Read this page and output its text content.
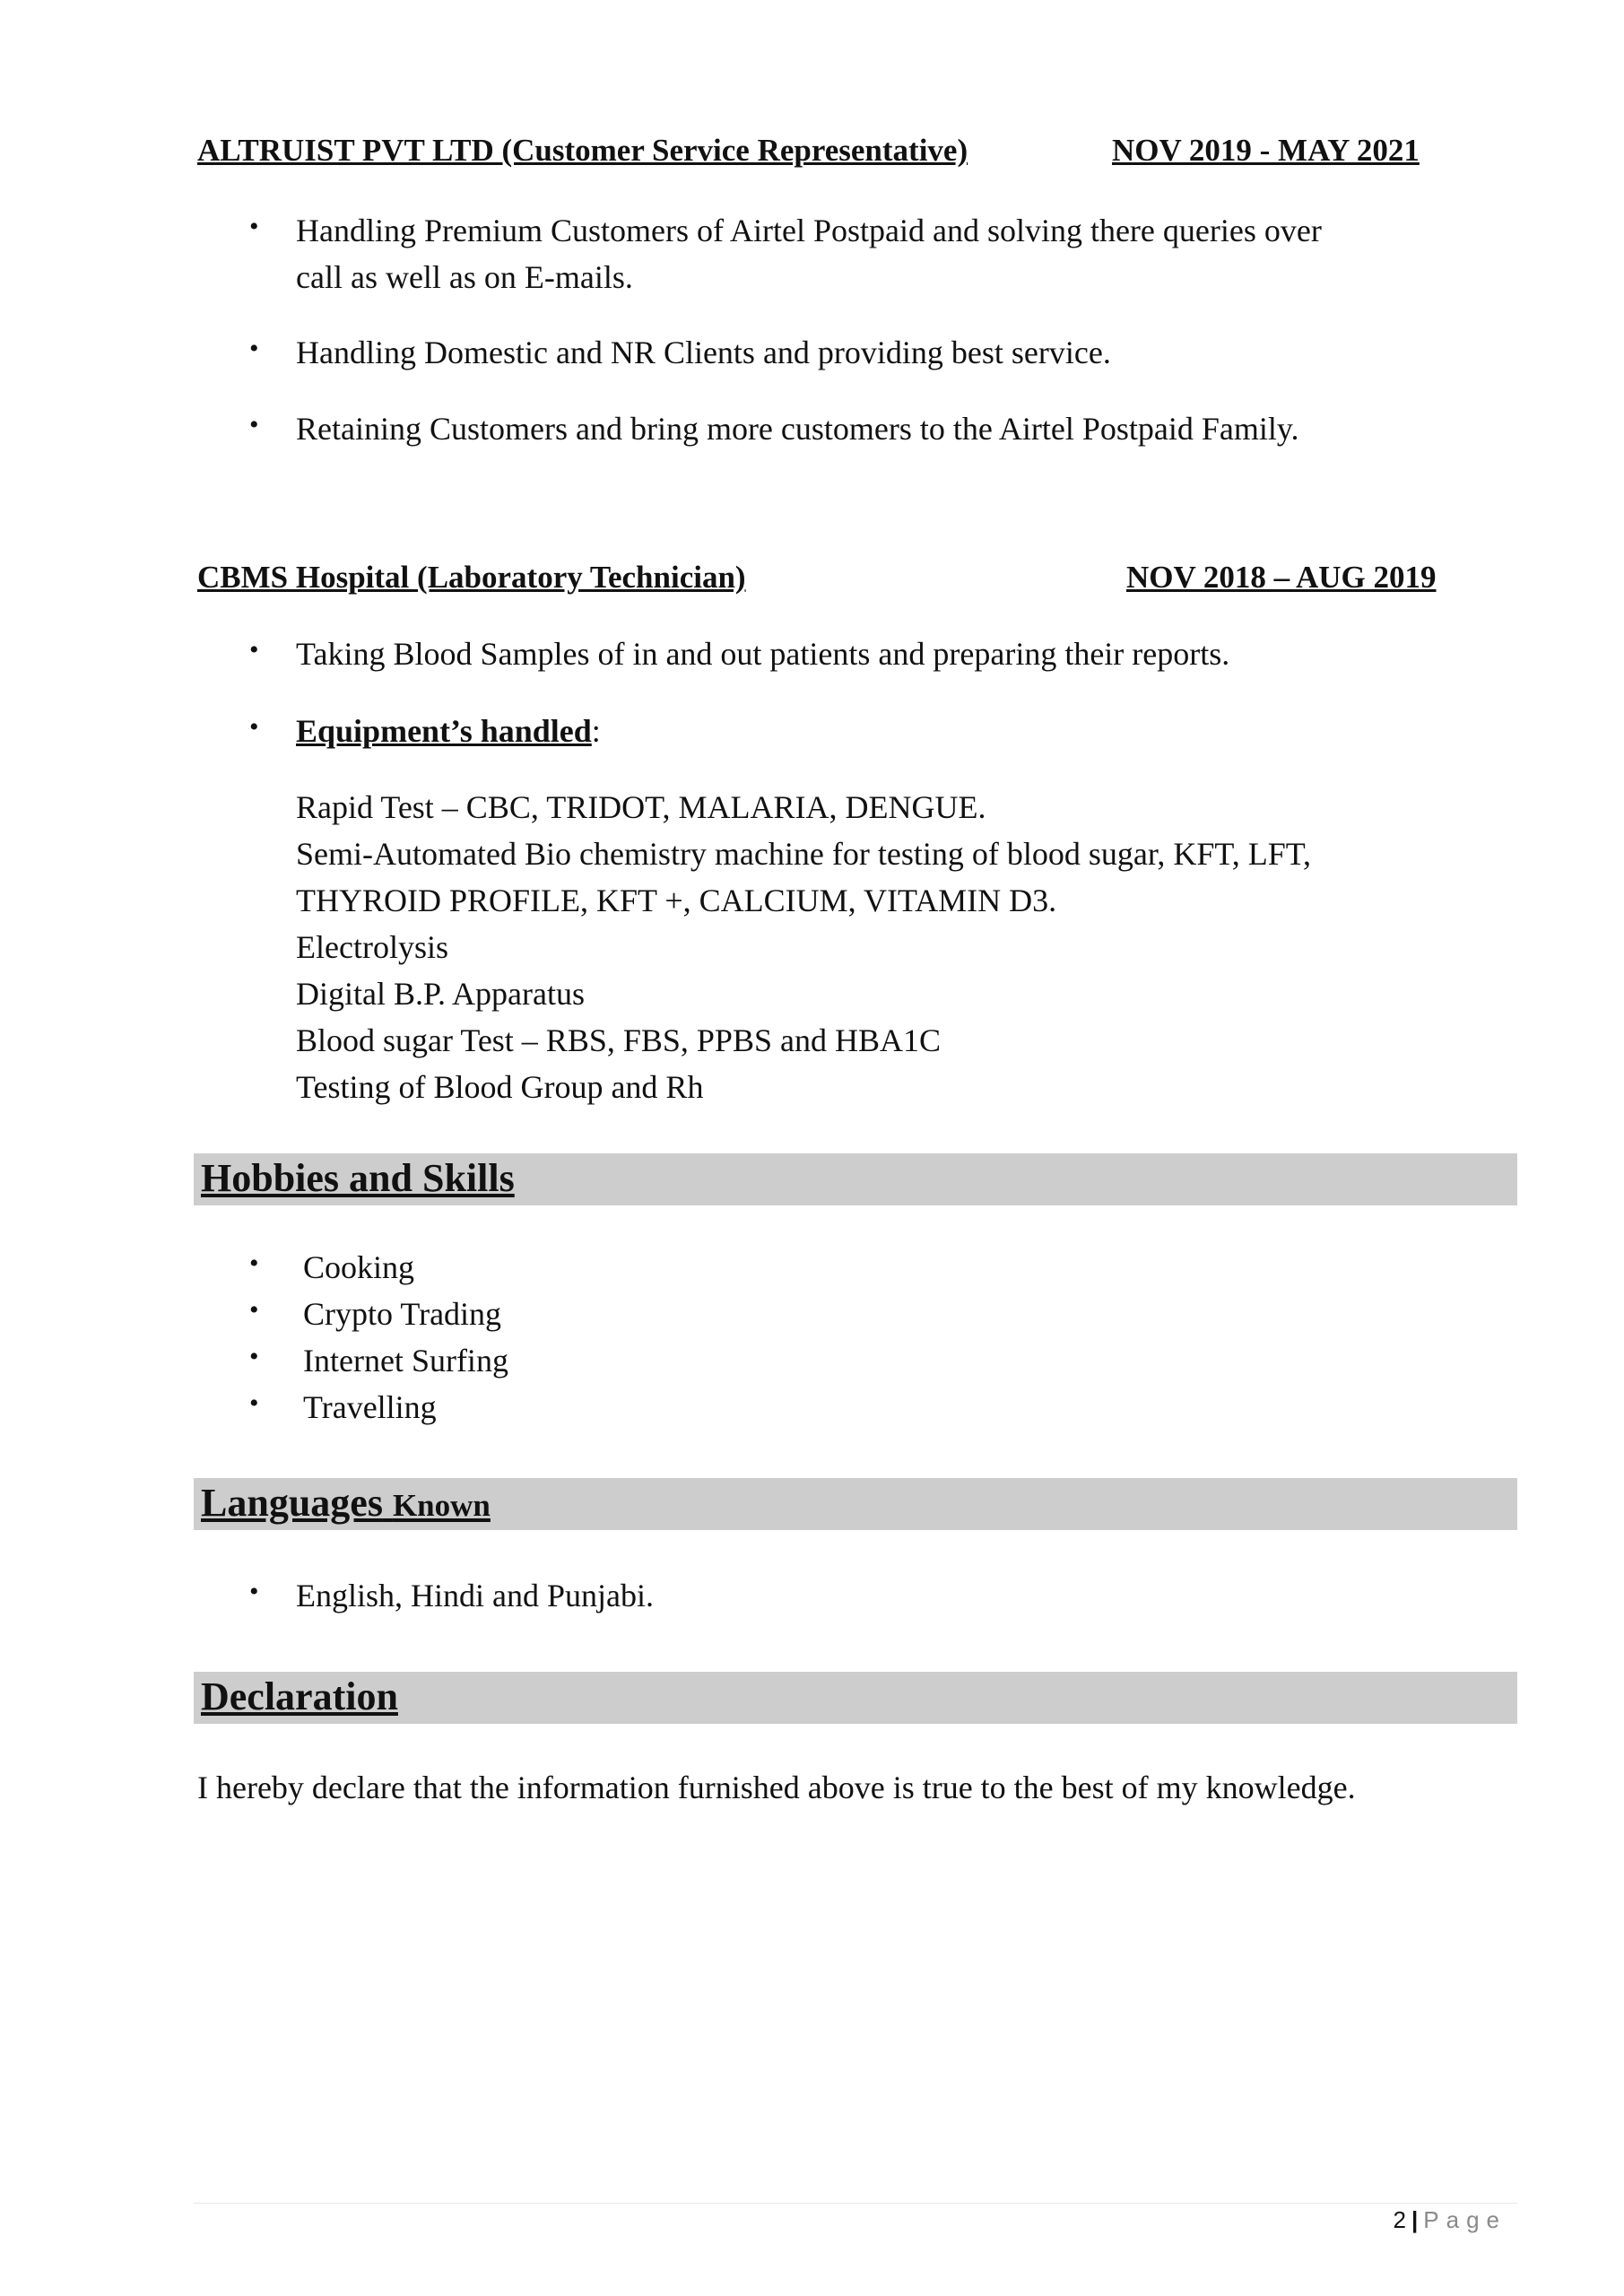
ALTRUIST PVT LTD (Customer Service Representative)	NOV 2019 - MAY 2021
• Handling Premium Customers of Airtel Postpaid and solving there queries over
call as well as on E-mails.
• Handling Domestic and NR Clients and providing best service.
• Retaining Customers and bring more customers to the Airtel Postpaid Family.
CBMS Hospital (Laboratory Technician)	NOV 2018 – AUG 2019
• Taking Blood Samples of in and out patients and preparing their reports.
• Equipment’s handled:
Rapid Test – CBC, TRIDOT, MALARIA, DENGUE.
Semi-Automated Bio chemistry machine for testing of blood sugar, KFT, LFT,
THYROID PROFILE, KFT +, CALCIUM, VITAMIN D3.
Electrolysis
Digital B.P. Apparatus
Blood sugar Test – RBS, FBS, PPBS and HBA1C
Testing of Blood Group and Rh
Hobbies and Skills
• Cooking
• Crypto Trading
• Internet Surfing
• Travelling
Languages Known
• English, Hindi and Punjabi.
Declaration
I hereby declare that the information furnished above is true to the best of my knowledge.
2 | Page
